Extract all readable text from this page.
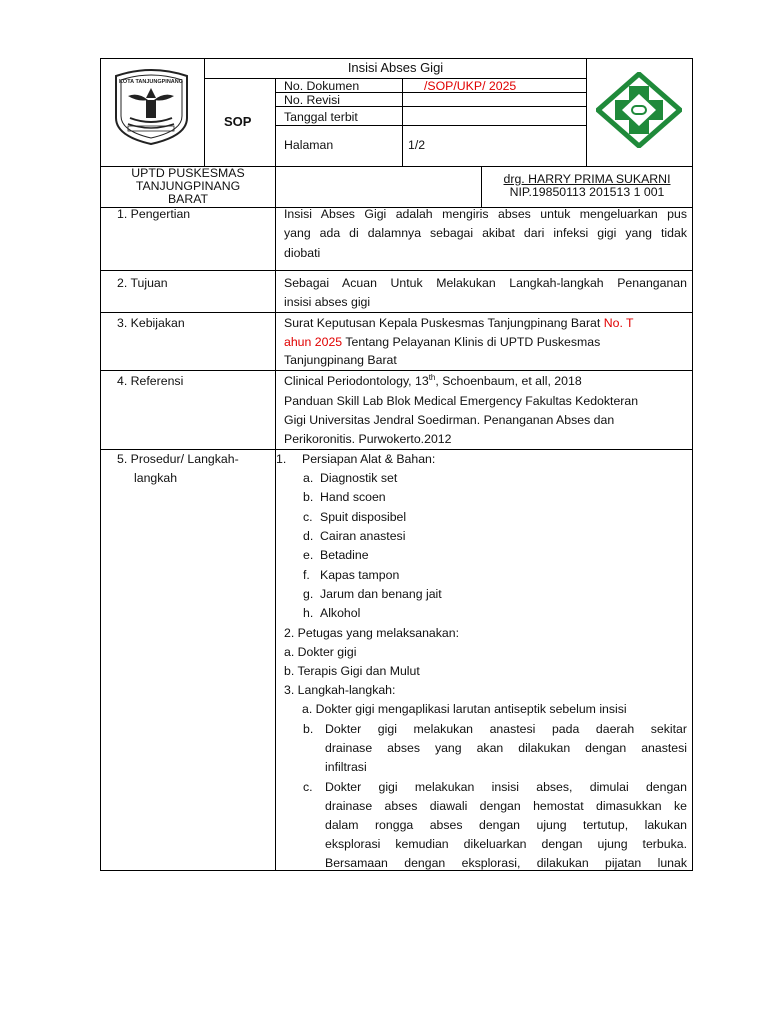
KOTA TANJUNGPINANG
Insisi Abses Gigi
SOP
No. Dokumen	/SOP/UKP/ 2025
No. Revisi
Tanggal terbit
Halaman	1/2
UPTD PUSKESMAS
TANJUNGPINANG
BARAT
drg. HARRY PRIMA SUKARNI
NIP.19850113 201513 1 001
1. Pengertian	Insisi Abses Gigi adalah mengiris abses untuk mengeluarkan pus
yang ada di dalamnya sebagai akibat dari infeksi gigi yang tidak
diobati
2. Tujuan	Sebagai Acuan Untuk Melakukan Langkah-langkah Penanganan
insisi abses gigi
3. Kebijakan	Surat Keputusan Kepala Puskesmas Tanjungpinang Barat No. T
ahun 2025 Tentang Pelayanan Klinis di UPTD Puskesmas
Tanjungpinang Barat
4. Referensi	Clinical Periodontology, 13th, Schoenbaum, et all, 2018
Panduan Skill Lab Blok Medical Emergency Fakultas Kedokteran
Gigi Universitas Jendral Soedirman. Penanganan Abses dan
Perikoronitis. Purwokerto.2012
5. Prosedur/ Langkah-
langkah
1. Persiapan Alat & Bahan:
a. Diagnostik set
b. Hand scoen
c. Spuit disposibel
d. Cairan anastesi
e. Betadine
f. Kapas tampon
g. Jarum dan benang jait
h. Alkohol
2. Petugas yang melaksanakan:
a. Dokter gigi
b. Terapis Gigi dan Mulut
3. Langkah-langkah:
a. Dokter gigi mengaplikasi larutan antiseptik sebelum insisi
b. Dokter gigi melakukan anastesi pada daerah sekitar
drainase abses yang akan dilakukan dengan anastesi
infiltrasi
c. Dokter gigi melakukan insisi abses, dimulai dengan
drainase abses diawali dengan hemostat dimasukkan ke
dalam rongga abses dengan ujung tertutup, lakukan
eksplorasi kemudian dikeluarkan dengan ujung terbuka.
Bersamaan dengan eksplorasi, dilakukan pijatan lunak
